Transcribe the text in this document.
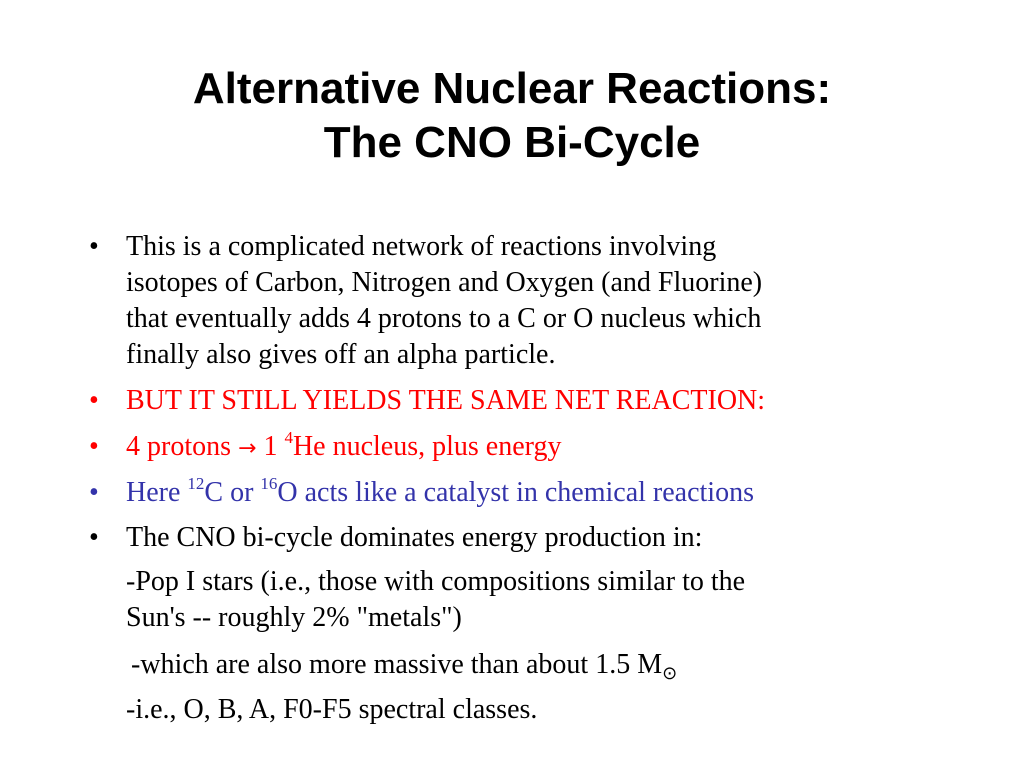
Alternative Nuclear Reactions:
The CNO Bi-Cycle
• This is a complicated network of reactions involving
isotopes of Carbon, Nitrogen and Oxygen (and Fluorine)
that eventually adds 4 protons to a C or O nucleus which
finally also gives off an alpha particle.
• BUT IT STILL YIELDS THE SAME NET REACTION:
• 4 protons → 1 $^4$He nucleus, plus energy
• Here $^{12}$C or $^{16}$O acts like a catalyst in chemical reactions
• The CNO bi-cycle dominates energy production in:
-Pop I stars (i.e., those with compositions similar to the
Sun's -- roughly 2% "metals")
-which are also more massive than about 1.5 $M_⊙$
-i.e., O, B, A, F0-F5 spectral classes.
